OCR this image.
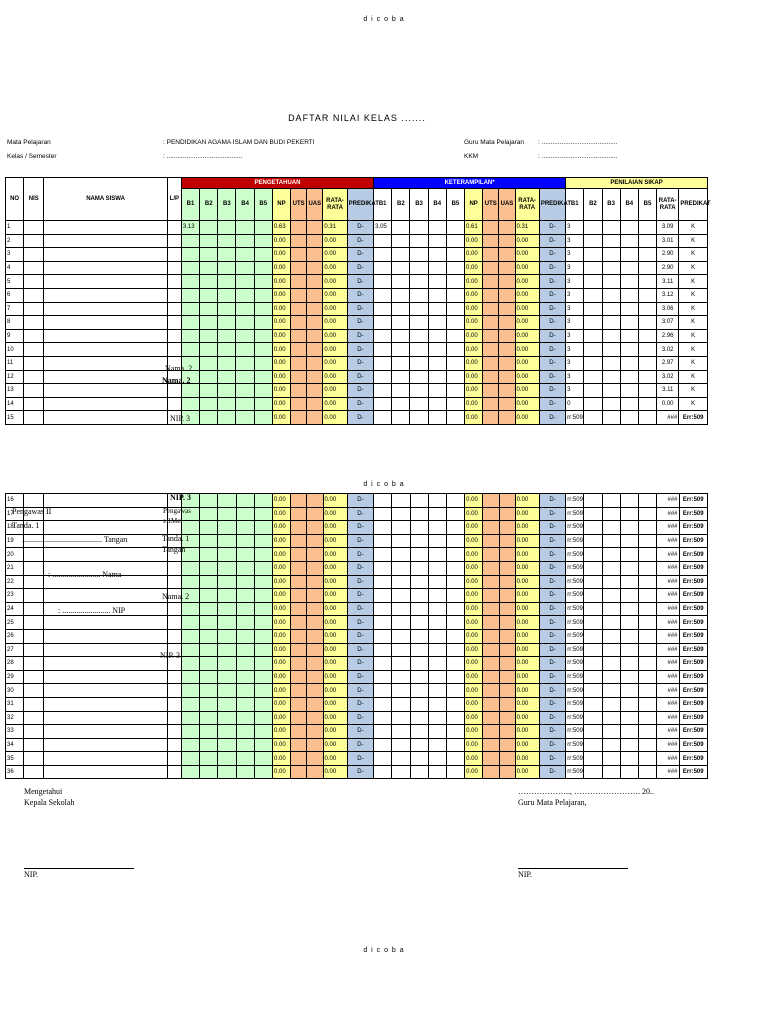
d i c o b a
DAFTAR NILAI KELAS .......
Mata Pelajaran	: PENDIDIKAN AGAMA ISLAM DAN BUDI PEKERTI
Kelas / Semester	: ..........................................
Guru Mata Pelajaran : ..........................................
KKM	: ..........................................
NO	NIS	NAMA SISWA	L/P	PENGETAHUAN										KETERAMPILAN*										PENILAIAN SIKAP						
				B1	B2	B3	B4	B5	NP	UTS	UAS	RATA-RATA	PREDIKAT	B1	B2	B3	B4	B5	NP	UTS	UAS	RATA-RATA	PREDIKAT	B1	B2	B3	B4	B5	RATA-RATA	PREDIKAT
1				3.13					0.63			0.31	D-	3.05					0.61			0.31	D-	3					3.09	K
2									0.00			0.00	D-						0.00			0.00	D-	3					3.01	K
3									0.00			0.00	D-						0.00			0.00	D-	3					2.90	K
4									0.00			0.00	D-						0.00			0.00	D-	3					2.90	K
5									0.00			0.00	D-						0.00			0.00	D-	3					3.11	K
6									0.00			0.00	D-						0.00			0.00	D-	3					3.12	K
7									0.00			0.00	D-						0.00			0.00	D-	3					3.06	K
8									0.00			0.00	D-						0.00			0.00	D-	3					3.07	K
9									0.00			0.00	D-						0.00			0.00	D-	3					2.96	K
10									0.00			0.00	D-						0.00			0.00	D-	3					3.02	K
11									0.00			0.00	D-						0.00			0.00	D-	3					2.97	K
12									0.00			0.00	D-						0.00			0.00	D-	3					3.02	K
13									0.00			0.00	D-						0.00			0.00	D-	3					3.11	K
14									0.00			0.00	D-						0.00			0.00	D-	0					0.00	K
15									0.00			0.00	D-						0.00			0.00	D-	rr:509					###	Err:509
d i c o b a
16									0.00			0.00	D-						0.00			0.00	D-	rr:509					###	Err:509
17									0.00			0.00	D-						0.00			0.00	D-	rr:509					###	Err:509
18									0.00			0.00	D-						0.00			0.00	D-	rr:509					###	Err:509
19									0.00			0.00	D-						0.00			0.00	D-	rr:509					###	Err:509
20									0.00			0.00	D-						0.00			0.00	D-	rr:509					###	Err:509
21									0.00			0.00	D-						0.00			0.00	D-	rr:509					###	Err:509
22									0.00			0.00	D-						0.00			0.00	D-	rr:509					###	Err:509
23									0.00			0.00	D-						0.00			0.00	D-	rr:509					###	Err:509
24									0.00			0.00	D-						0.00			0.00	D-	rr:509					###	Err:509
25									0.00			0.00	D-						0.00			0.00	D-	rr:509					###	Err:509
26									0.00			0.00	D-						0.00			0.00	D-	rr:509					###	Err:509
27									0.00			0.00	D-						0.00			0.00	D-	rr:509					###	Err:509
28									0.00			0.00	D-						0.00			0.00	D-	rr:509					###	Err:509
29									0.00			0.00	D-						0.00			0.00	D-	rr:509					###	Err:509
30									0.00			0.00	D-						0.00			0.00	D-	rr:509					###	Err:509
31									0.00			0.00	D-						0.00			0.00	D-	rr:509					###	Err:509
32									0.00			0.00	D-						0.00			0.00	D-	rr:509					###	Err:509
33									0.00			0.00	D-						0.00			0.00	D-	rr:509					###	Err:509
34									0.00			0.00	D-						0.00			0.00	D-	rr:509					###	Err:509
35									0.00			0.00	D-						0.00			0.00	D-	rr:509					###	Err:509
36									0.00			0.00	D-						0.00			0.00	D-	rr:509					###	Err:509
Nama. 2
Nama. 2
NIP. 3
NIP. 3
Pengawas II
Tanda. 1
........................................ Tangan	Tanda. 1
Tangan
: ........................ Nama
Nama. 2
: ........................ NIP
NIP. 3
Pengawas
s 1Mei
Mengetahui
Kepala Sekolah
NIP.
……………….., ……………………. 20..
Guru Mata Pelajaran,
NIP.
d i c o b a
